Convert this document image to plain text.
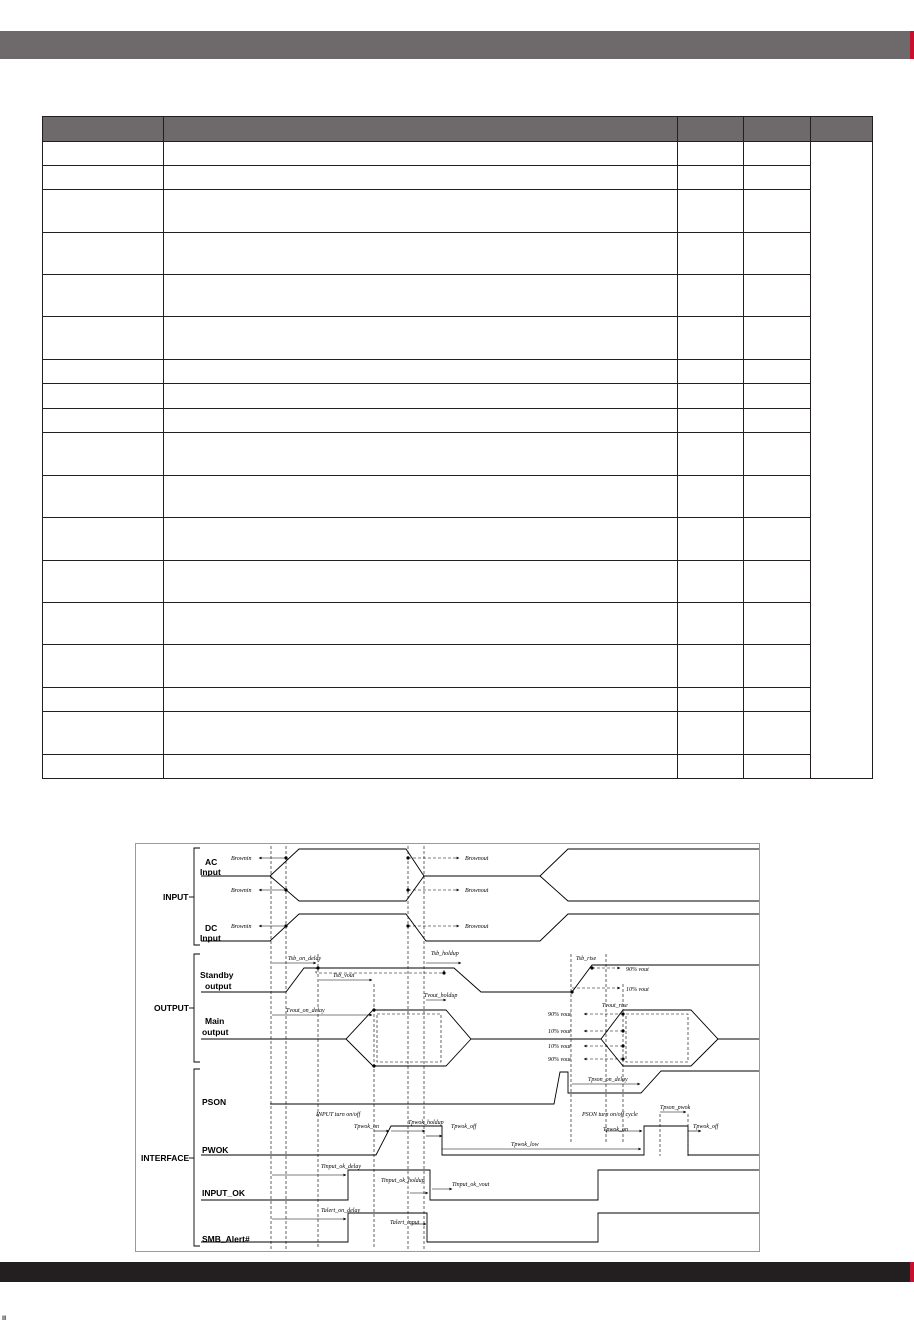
INPUT
OUTPUT
INTERFACE
AC
Input
DC
Input
Standby
output
Main
output
PSON
PWOK
INPUT_OK
SMB_Alert#
Brownin
Brownin
Brownin
Brownout
Brownout
Brownout
Tsb_on_delay
Tsb_holdup
Tsb_rise
Tsb_vout
Tvout_on_delay
Tvout_holdup
Tvout_rise
90% vout
10% vout
90% vout
10% vout
10% vout
90% vout
Tpson_on_delay
INPUT turn on/off	PSON turn on/off cycle
Tpson_pwok
Tpwok_on
Tpwok_holdup
Tpwok_off
Tpwok_low
Tpwok_on	Tpwok_off
Tinput_ok_delay
Tinput_ok_holdup
Tinput_ok_vout
Talert_on_delay
Talert_input
Ⅲ
